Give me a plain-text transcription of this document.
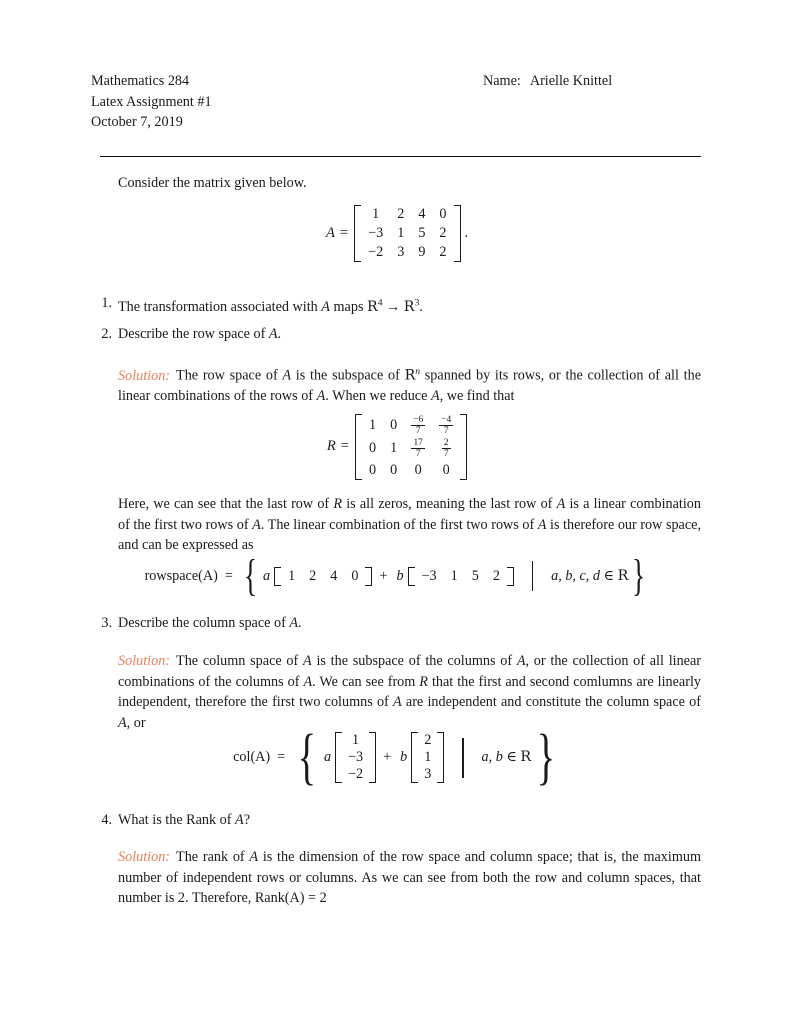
Mathematics 284
Latex Assignment #1
October 7, 2019
Name: Arielle Knittel
Consider the matrix given below.
A =
1	2	4	0
−3	1	5	2
−2	3	9	2
.
1. The transformation associated with A maps $R^4 \to R^3$.
2. Describe the row space of A.
Solution: The row space of A is the subspace of $R^n$ spanned by its rows, or the collection of all the linear combinations of the rows of A. When we reduce A, we find that
R =
1	0	$\frac{-6}{7}$	$\frac{-4}{7}$

0	1	$\frac{17}{7}$	$\frac{2}{7}$

0	0	0	0
Here, we can see that the last row of R is all zeros, meaning the last row of A is a linear combination of the first two rows of A. The linear combination of the first two rows of A is therefore our row space, and can be expressed as
rowspace(A) = { a 1	2	4	0 + b −3	1	5	2	a, b, c, d ∈ R }
3. Describe the column space of A.
Solution: The column space of A is the subspace of the columns of A, or the collection of all linear combinations of the columns of A. We can see from R that the first and second comlumns are linearly independent, therefore the first two columns of A are independent and constitute the column space of A, or
col(A) = { a
1
−3
−2
+ b
2
1
3
a, b ∈ R }
4. What is the Rank of A?
Solution: The rank of A is the dimension of the row space and column space; that is, the maximum number of independent rows or columns. As we can see from both the row and column spaces, that number is 2. Therefore, Rank(A) = 2
